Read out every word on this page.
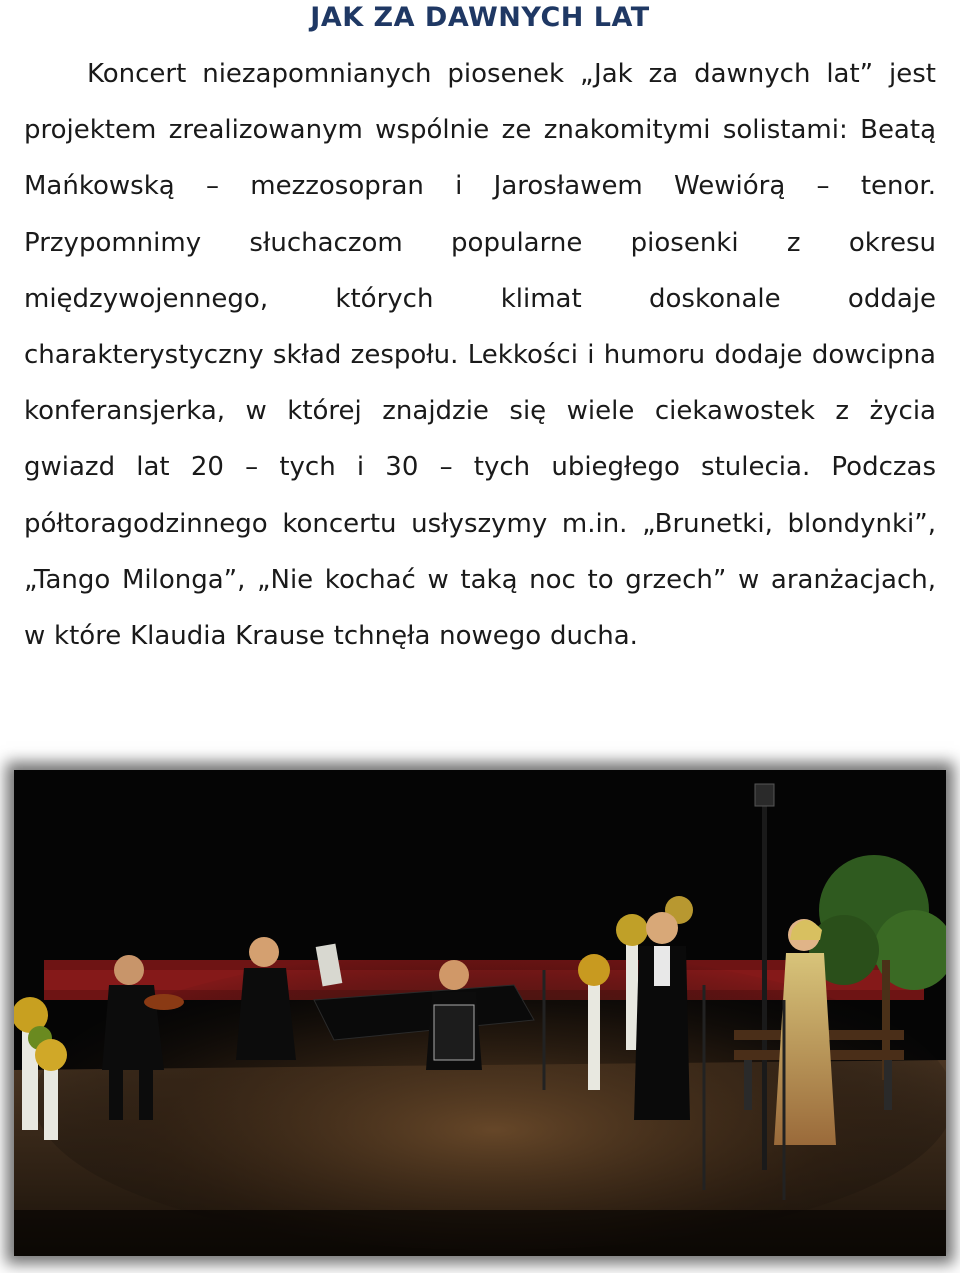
JAK ZA DAWNYCH LAT

Koncert niezapomnianych piosenek „Jak za dawnych lat” jest projektem zrealizowanym wspólnie ze znakomitymi solistami: Beatą Mańkowską – mezzosopran i Jarosławem Wewiórą – tenor. Przypomnimy słuchaczom popularne piosenki z okresu międzywojennego, których klimat doskonale oddaje charakterystyczny skład zespołu. Lekkości i humoru dodaje dowcipna konferansjerka, w której znajdzie się wiele ciekawostek z życia gwiazd lat 20 – tych i 30 – tych ubiegłego stulecia. Podczas półtoragodzinnego koncertu usłyszymy m.in. „Brunetki, blondynki”, „Tango Milonga”, „Nie kochać w taką noc to grzech” w aranżacjach, w które Klaudia Krause tchnęła nowego ducha.
